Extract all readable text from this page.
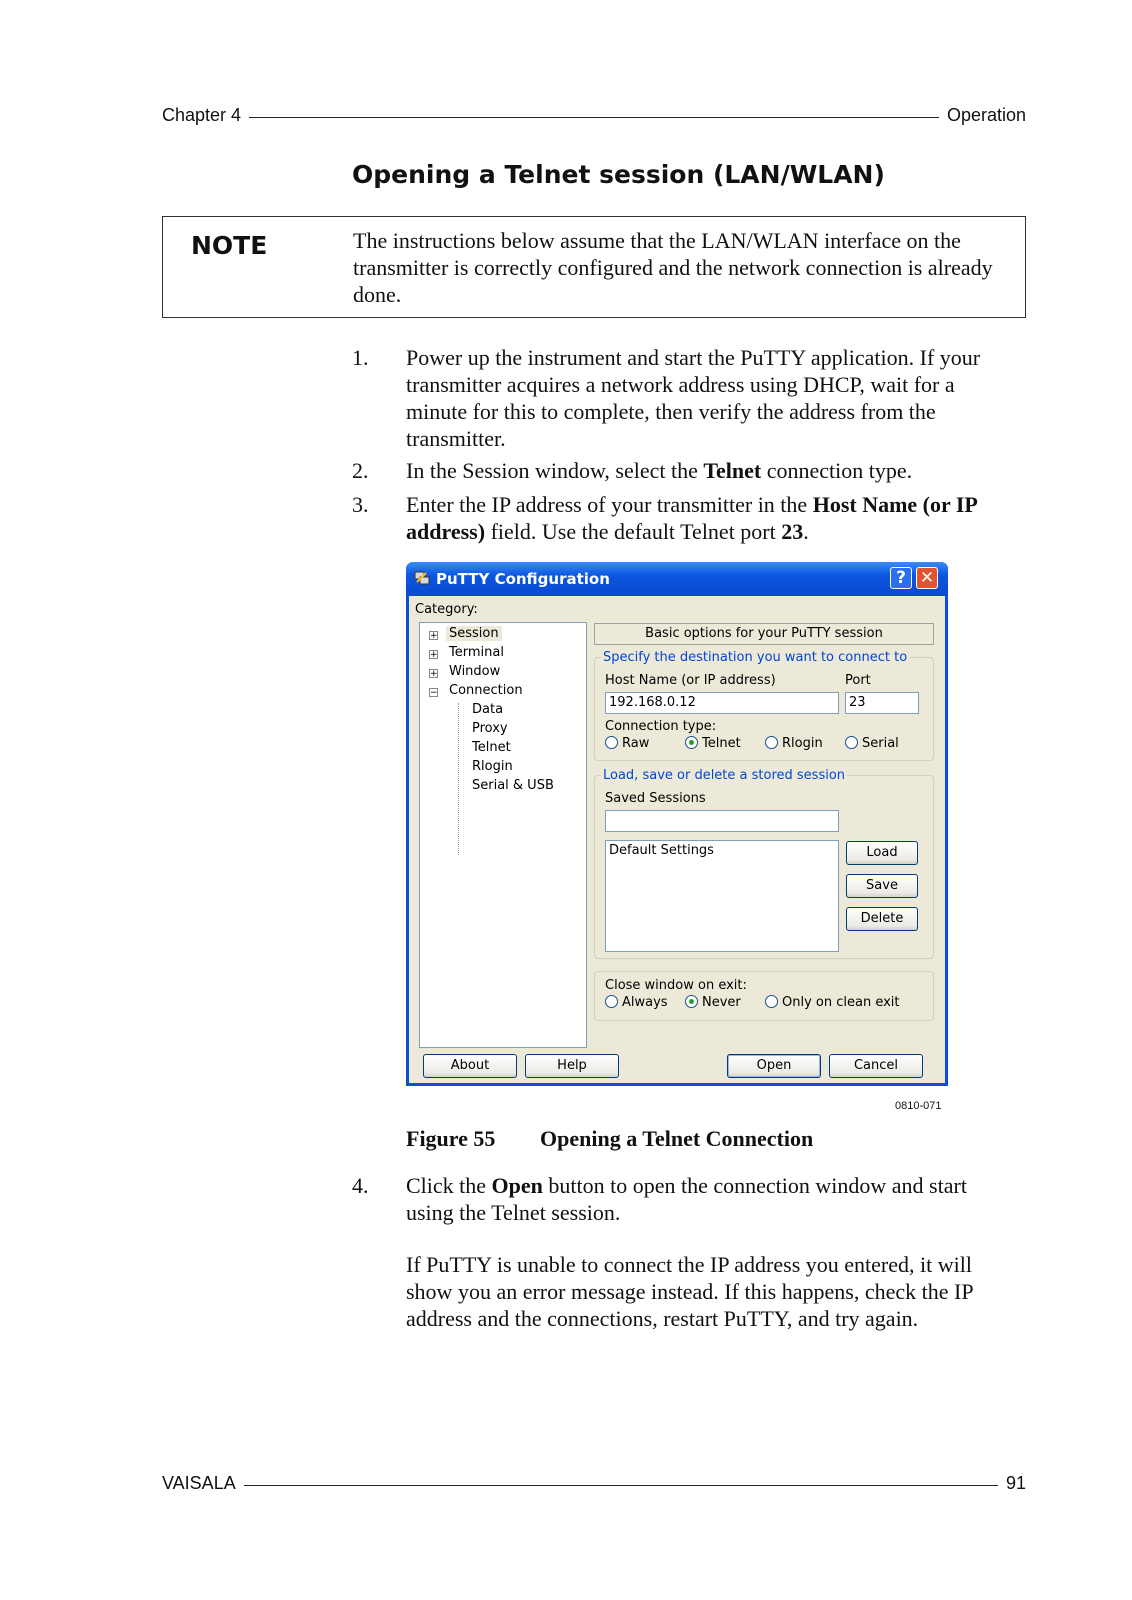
Chapter 4	Operation
Opening a Telnet session (LAN/WLAN)
NOTE	The instructions below assume that the LAN/WLAN interface on the transmitter is correctly configured and the network connection is already done.
1. Power up the instrument and start the PuTTY application. If your transmitter acquires a network address using DHCP, wait for a minute for this to complete, then verify the address from the transmitter.
2. In the Session window, select the Telnet connection type.
3. Enter the IP address of your transmitter in the Host Name (or IP address) field. Use the default Telnet port 23.
PuTTY Configuration	? ✕
Category:
+ Session
+ Terminal
+ Window
− Connection
Data
Proxy
Telnet
Rlogin
Serial & USB
Basic options for your PuTTY session
Specify the destination you want to connect to
Host Name (or IP address)	Port
192.168.0.12	23
Connection type:
Raw	Telnet	Rlogin	Serial
Load, save or delete a stored session
Saved Sessions
Default Settings	Load
Save
Delete
Close window on exit:
Always	Never	Only on clean exit
About	Help	Open	Cancel
0810-071
Figure 55 Opening a Telnet Connection
4. Click the Open button to open the connection window and start using the Telnet session.
If PuTTY is unable to connect the IP address you entered, it will show you an error message instead. If this happens, check the IP address and the connections, restart PuTTY, and try again.
VAISALA	91
